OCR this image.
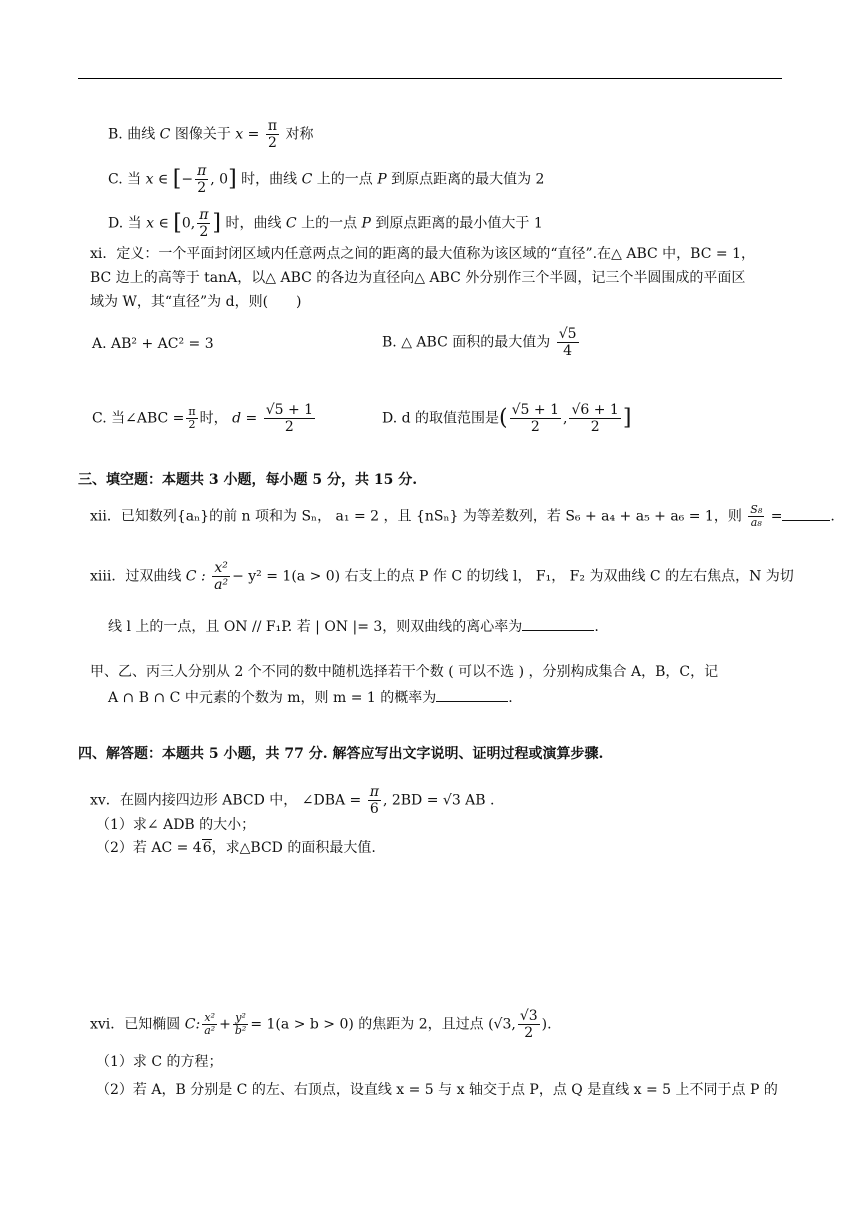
B. 曲线 C 图像关于 $x = \frac{\pi}{2}$ 对称
C. 当 x ∈ [− $\frac{\pi}{2}$ , 0] 时，曲线 C 上的一点 P 到原点距离的最大值为 2
D. 当 x ∈ [0, $\frac{\pi}{2}$ ] 时，曲线 C 上的一点 P 到原点距离的最小值大于 1
xi．定义：一个平面封闭区域内任意两点之间的距离的最大值称为该区域的“直径”.在△ ABC 中，BC = 1，
BC 边上的高等于 tanA，以△ ABC 的各边为直径向△ ABC 外分别作三个半圆，记三个半圆围成的平面区
域为 W，其“直径”为 d，则(　　)
A. AB² + AC² = 3	B. △ ABC 面积的最大值为 $\frac{√5}{4}$
C. 当∠ABC = $\frac{\pi}{2}$ 时， $d = \frac{√5 + 1}{2}$	D. d 的取值范围是( $\frac{√5 + 1}{2}$ , $\frac{√6 + 1}{2}$ ]
三、填空题：本题共 3 小题，每小题 5 分，共 15 分.
xii．已知数列{aₙ}的前 n 项和为 Sₙ， a₁ = 2 ，且 {nSₙ} 为等差数列，若 S₆ + a₄ + a₅ + a₆ = 1，则 $\frac{\text{S₈}}{\text{a₈}}$ =	.
xiii．过双曲线 C : $\frac{\text{x²}}{\text{a²}} - y^2 = 1(a > 0)$ 右支上的点 P 作 C 的切线 l， F₁， F₂ 为双曲线 C 的左右焦点，N 为切
线 l 上的一点，且 ON // F₁P. 若 | ON |= 3，则双曲线的离心率为	.
甲、乙、丙三人分别从 2 个不同的数中随机选择若干个数 ( 可以不选 ) ，分别构成集合 A，B，C，记
A ∩ B ∩ C 中元素的个数为 m，则 m = 1 的概率为	.
四、解答题：本题共 5 小题，共 77 分. 解答应写出文字说明、证明过程或演算步骤.
xv．在圆内接四边形 ABCD 中， ∠DBA = $\frac{\pi}{6}$ , 2BD = √3 AB .
（1）求∠ ADB 的大小；
（2）若 AC = 46，求△BCD 的面积最大值.
xvi．已知椭圆 C: $\frac{\text{x²}}{\text{a²}} + \frac{\text{y²}}{\text{b²}} = 1(a > b > 0)$ 的焦距为 2，且过点 (√3, $\frac{√3}{2}$ ).
（1）求 C 的方程；
（2）若 A，B 分别是 C 的左、右顶点，设直线 x = 5 与 x 轴交于点 P，点 Q 是直线 x = 5 上不同于点 P 的
